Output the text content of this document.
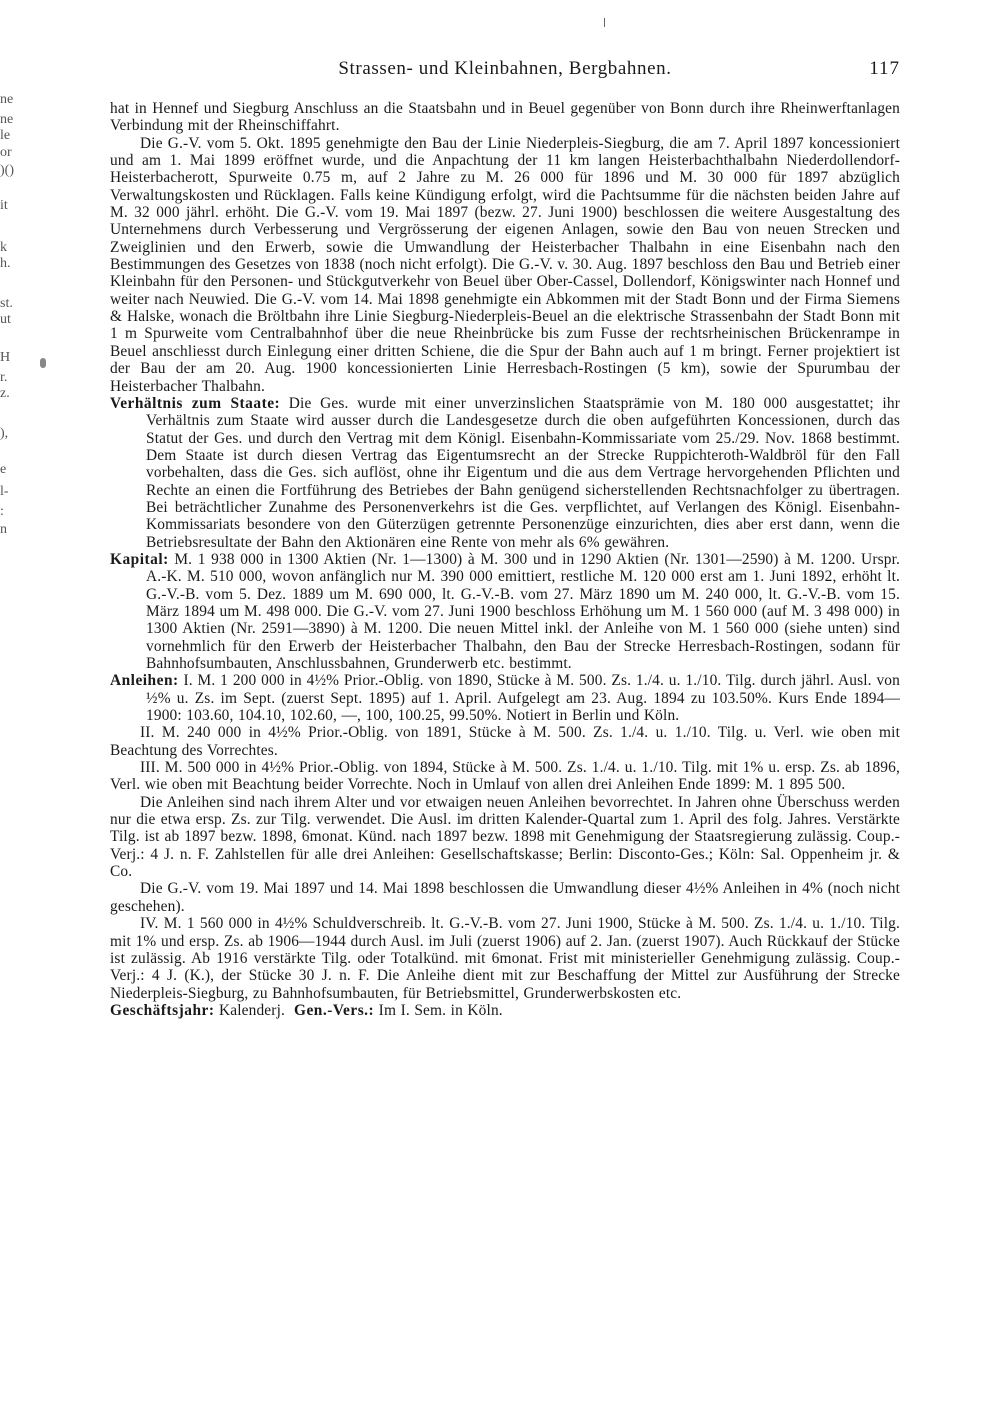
Strassen- und Kleinbahnen, Bergbahnen.	117
ne
ne
le
or
)()
it
k
h.
st.
ut
H
r.
z.
),
e
l-
:
n

hat in Hennef und Siegburg Anschluss an die Staatsbahn und in Beuel gegenüber von Bonn durch ihre Rheinwerftanlagen Verbindung mit der Rheinschiffahrt.

Die G.-V. vom 5. Okt. 1895 genehmigte den Bau der Linie Niederpleis-Siegburg, die am 7. April 1897 koncessioniert und am 1. Mai 1899 eröffnet wurde, und die Anpachtung der 11 km langen Heisterbachthalbahn Niederdollendorf-Heisterbacherott, Spurweite 0.75 m, auf 2 Jahre zu M. 26 000 für 1896 und M. 30 000 für 1897 abzüglich Verwaltungskosten und Rücklagen. Falls keine Kündigung erfolgt, wird die Pachtsumme für die nächsten beiden Jahre auf M. 32 000 jährl. erhöht. Die G.-V. vom 19. Mai 1897 (bezw. 27. Juni 1900) beschlossen die weitere Ausgestaltung des Unternehmens durch Verbesserung und Vergrösserung der eigenen Anlagen, sowie den Bau von neuen Strecken und Zweiglinien und den Erwerb, sowie die Umwandlung der Heisterbacher Thalbahn in eine Eisenbahn nach den Bestimmungen des Gesetzes von 1838 (noch nicht erfolgt). Die G.-V. v. 30. Aug. 1897 beschloss den Bau und Betrieb einer Kleinbahn für den Personen- und Stückgutverkehr von Beuel über Ober-Cassel, Dollendorf, Königswinter nach Honnef und weiter nach Neuwied. Die G.-V. vom 14. Mai 1898 genehmigte ein Abkommen mit der Stadt Bonn und der Firma Siemens & Halske, wonach die Bröltbahn ihre Linie Siegburg-Niederpleis-Beuel an die elektrische Strassenbahn der Stadt Bonn mit 1 m Spurweite vom Centralbahnhof über die neue Rheinbrücke bis zum Fusse der rechtsrheinischen Brückenrampe in Beuel anschliesst durch Einlegung einer dritten Schiene, die die Spur der Bahn auch auf 1 m bringt. Ferner projektiert ist der Bau der am 20. Aug. 1900 koncessionierten Linie Herresbach-Rostingen (5 km), sowie der Spurumbau der Heisterbacher Thalbahn.

Verhältnis zum Staate: Die Ges. wurde mit einer unverzinslichen Staatsprämie von M. 180 000 ausgestattet; ihr Verhältnis zum Staate wird ausser durch die Landesgesetze durch die oben aufgeführten Koncessionen, durch das Statut der Ges. und durch den Vertrag mit dem Königl. Eisenbahn-Kommissariate vom 25./29. Nov. 1868 bestimmt. Dem Staate ist durch diesen Vertrag das Eigentumsrecht an der Strecke Ruppichteroth-Waldbröl für den Fall vorbehalten, dass die Ges. sich auflöst, ohne ihr Eigentum und die aus dem Vertrage hervorgehenden Pflichten und Rechte an einen die Fortführung des Betriebes der Bahn genügend sicherstellenden Rechtsnachfolger zu übertragen. Bei beträchtlicher Zunahme des Personenverkehrs ist die Ges. verpflichtet, auf Verlangen des Königl. Eisenbahn-Kommissariats besondere von den Güterzügen getrennte Personenzüge einzurichten, dies aber erst dann, wenn die Betriebsresultate der Bahn den Aktionären eine Rente von mehr als 6% gewähren.

Kapital: M. 1 938 000 in 1300 Aktien (Nr. 1—1300) à M. 300 und in 1290 Aktien (Nr. 1301—2590) à M. 1200. Urspr. A.-K. M. 510 000, wovon anfänglich nur M. 390 000 emittiert, restliche M. 120 000 erst am 1. Juni 1892, erhöht lt. G.-V.-B. vom 5. Dez. 1889 um M. 690 000, lt. G.-V.-B. vom 27. März 1890 um M. 240 000, lt. G.-V.-B. vom 15. März 1894 um M. 498 000. Die G.-V. vom 27. Juni 1900 beschloss Erhöhung um M. 1 560 000 (auf M. 3 498 000) in 1300 Aktien (Nr. 2591—3890) à M. 1200. Die neuen Mittel inkl. der Anleihe von M. 1 560 000 (siehe unten) sind vornehmlich für den Erwerb der Heisterbacher Thalbahn, den Bau der Strecke Herresbach-Rostingen, sodann für Bahnhofsumbauten, Anschlussbahnen, Grunderwerb etc. bestimmt.

Anleihen: I. M. 1 200 000 in 4½% Prior.-Oblig. von 1890, Stücke à M. 500. Zs. 1./4. u. 1./10. Tilg. durch jährl. Ausl. von ½% u. Zs. im Sept. (zuerst Sept. 1895) auf 1. April. Aufgelegt am 23. Aug. 1894 zu 103.50%. Kurs Ende 1894—1900: 103.60, 104.10, 102.60, —, 100, 100.25, 99.50%. Notiert in Berlin und Köln.

II. M. 240 000 in 4½% Prior.-Oblig. von 1891, Stücke à M. 500. Zs. 1./4. u. 1./10. Tilg. u. Verl. wie oben mit Beachtung des Vorrechtes.

III. M. 500 000 in 4½% Prior.-Oblig. von 1894, Stücke à M. 500. Zs. 1./4. u. 1./10. Tilg. mit 1% u. ersp. Zs. ab 1896, Verl. wie oben mit Beachtung beider Vorrechte. Noch in Umlauf von allen drei Anleihen Ende 1899: M. 1 895 500.

Die Anleihen sind nach ihrem Alter und vor etwaigen neuen Anleihen bevorrechtet. In Jahren ohne Überschuss werden nur die etwa ersp. Zs. zur Tilg. verwendet. Die Ausl. im dritten Kalender-Quartal zum 1. April des folg. Jahres. Verstärkte Tilg. ist ab 1897 bezw. 1898, 6monat. Künd. nach 1897 bezw. 1898 mit Genehmigung der Staatsregierung zulässig. Coup.-Verj.: 4 J. n. F. Zahlstellen für alle drei Anleihen: Gesellschaftskasse; Berlin: Disconto-Ges.; Köln: Sal. Oppenheim jr. & Co.

Die G.-V. vom 19. Mai 1897 und 14. Mai 1898 beschlossen die Umwandlung dieser 4½% Anleihen in 4% (noch nicht geschehen).

IV. M. 1 560 000 in 4½% Schuldverschreib. lt. G.-V.-B. vom 27. Juni 1900, Stücke à M. 500. Zs. 1./4. u. 1./10. Tilg. mit 1% und ersp. Zs. ab 1906—1944 durch Ausl. im Juli (zuerst 1906) auf 2. Jan. (zuerst 1907). Auch Rückkauf der Stücke ist zulässig. Ab 1916 verstärkte Tilg. oder Totalkünd. mit 6monat. Frist mit ministerieller Genehmigung zulässig. Coup.-Verj.: 4 J. (K.), der Stücke 30 J. n. F. Die Anleihe dient mit zur Beschaffung der Mittel zur Ausführung der Strecke Niederpleis-Siegburg, zu Bahnhofsumbauten, für Betriebsmittel, Grunderwerbskosten etc.

Geschäftsjahr: Kalenderj. Gen.-Vers.: Im I. Sem. in Köln.
